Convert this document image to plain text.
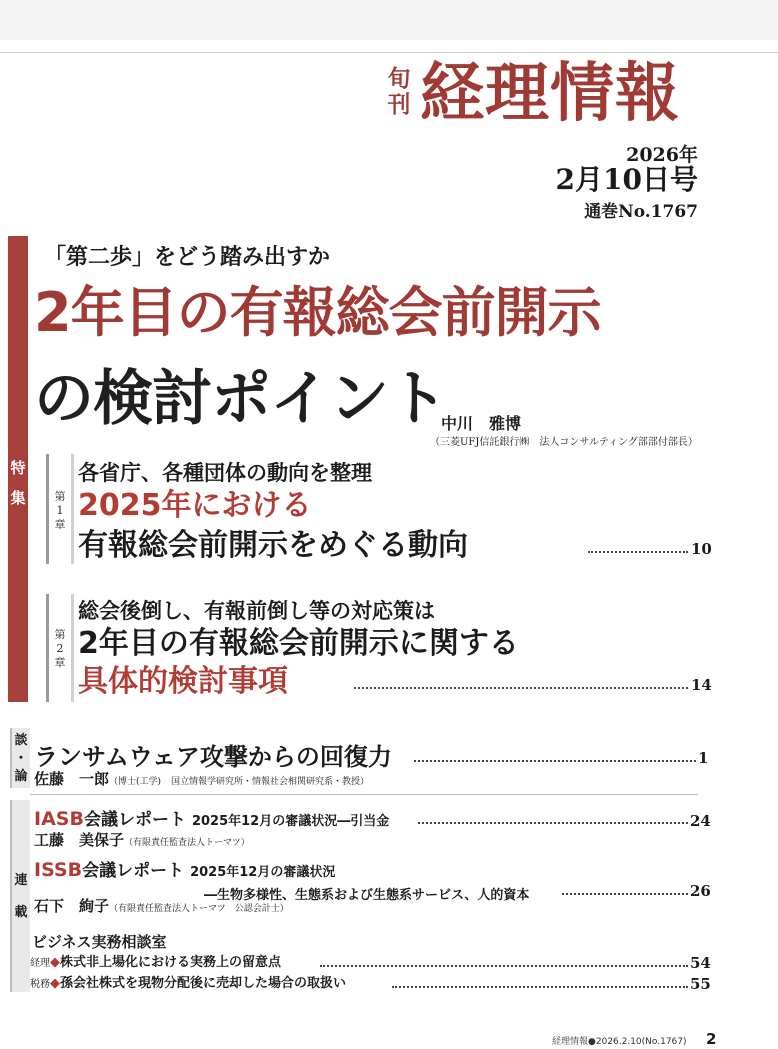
旬
刊 経理情報
2026年
2月10日号
通巻No.1767
特
集
「第二歩」をどう踏み出すか
2年目の有報総会前開示
の検討ポイント
中川　雅博
（三菱UFJ信託銀行㈱　法人コンサルティング部部付部長）
第
1
章
各省庁、各種団体の動向を整理
2025年における
有報総会前開示をめぐる動向	10
第
2
章
総会後倒し、有報前倒し等の対応策は
2年目の有報総会前開示に関する
具体的検討事項	14
談
・
論
ランサムウェア攻撃からの回復力	1
佐藤　一郎（博士(工学) 国立情報学研究所・情報社会相関研究系・教授）
連
載
IASB会議レポート 2025年12月の審議状況―引当金	24
工藤　美保子（有限責任監査法人トーマツ）
ISSB会議レポート 2025年12月の審議状況
―生物多様性、生態系および生態系サービス、人的資本	26
石下　絢子（有限責任監査法人トーマツ　公認会計士）
ビジネス実務相談室
経理◆株式非上場化における実務上の留意点	54
税務◆孫会社株式を現物分配後に売却した場合の取扱い	55
経理情報●2026.2.10(No.1767) 2
